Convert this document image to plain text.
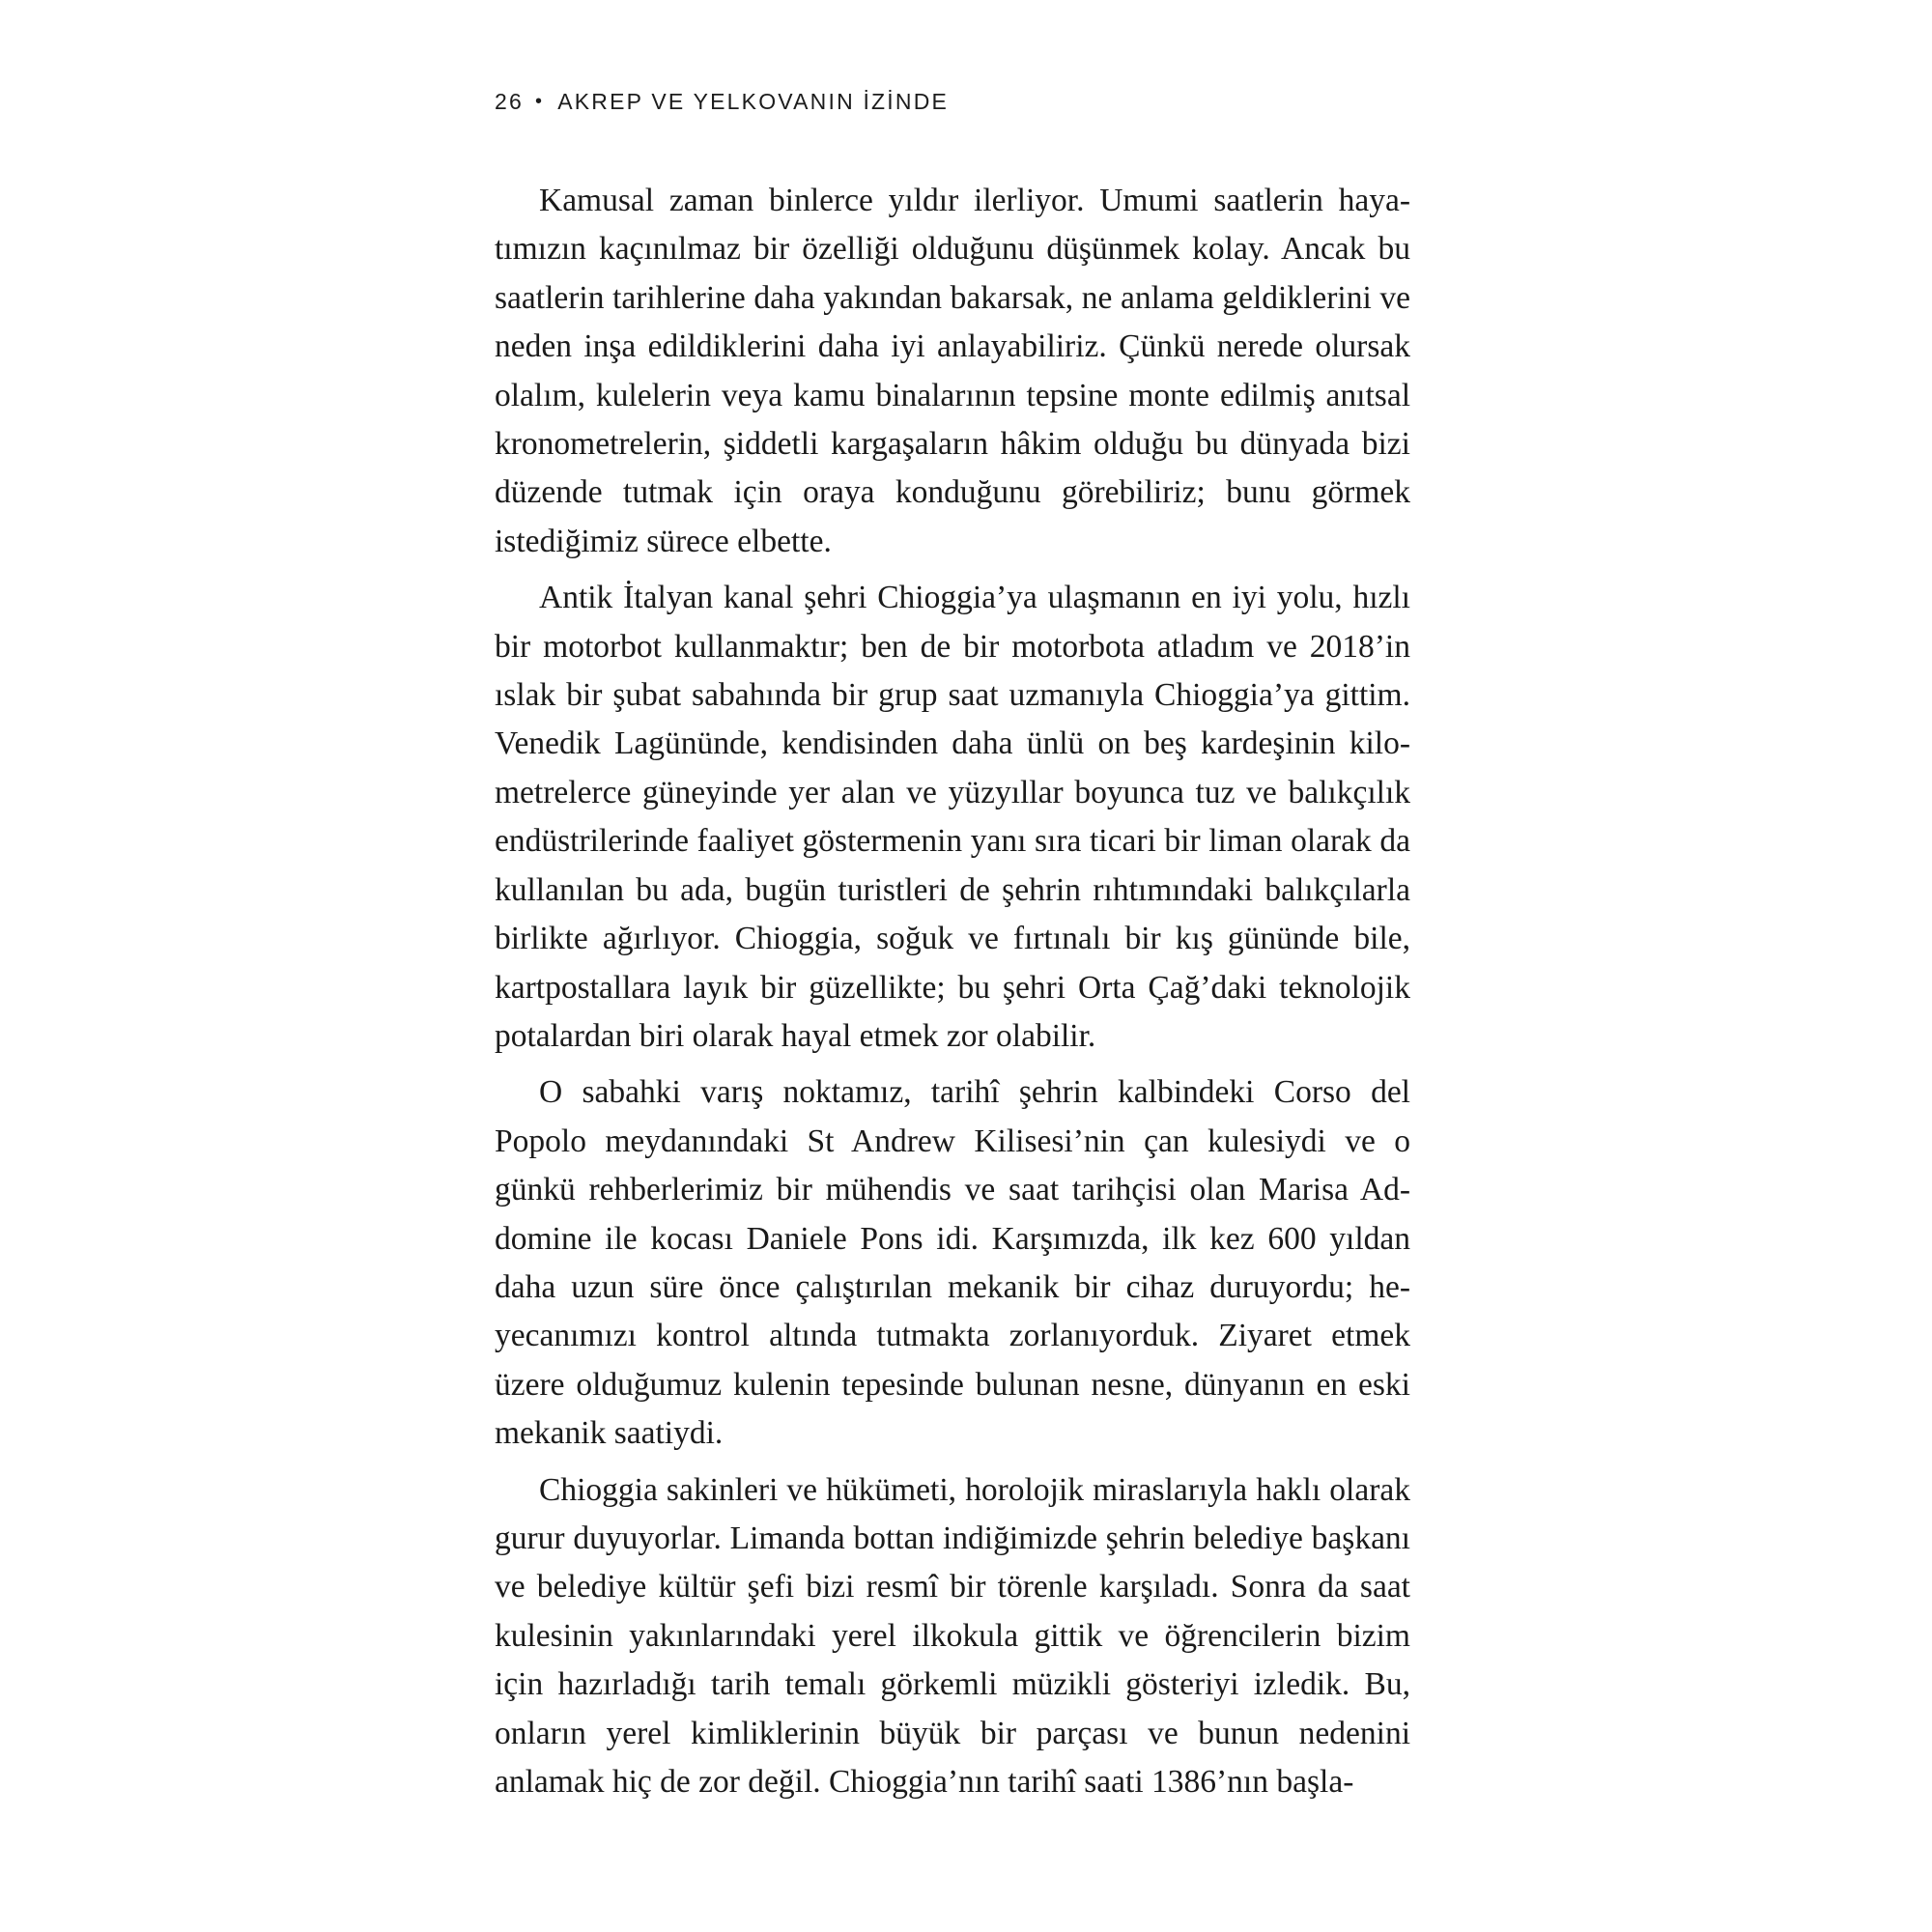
26 • AKREP VE YELKOVANIN İZİNDE

Kamusal zaman binlerce yıldır ilerliyor. Umumi saatlerin hayatımızın kaçınılmaz bir özelliği olduğunu düşünmek kolay. Ancak bu saatlerin tarihlerine daha yakından bakarsak, ne anlama geldiklerini ve neden inşa edildiklerini daha iyi anlayabiliriz. Çünkü nerede olursak olalım, kulelerin veya kamu binalarının tepsine monte edilmiş anıtsal kronometrelerin, şiddetli kargaşaların hâkim olduğu bu dünyada bizi düzende tutmak için oraya konduğunu görebiliriz; bunu görmek istediğimiz sürece elbette.

Antik İtalyan kanal şehri Chioggia’ya ulaşmanın en iyi yolu, hızlı bir motorbot kullanmaktır; ben de bir motorbota atladım ve 2018’in ıslak bir şubat sabahında bir grup saat uzmanıyla Chioggia’ya gittim. Venedik Lagününde, kendisinden daha ünlü on beş kardeşinin kilometrelerce güneyinde yer alan ve yüzyıllar boyunca tuz ve balıkçılık endüstrilerinde faaliyet göstermenin yanı sıra ticari bir liman olarak da kullanılan bu ada, bugün turistleri de şehrin rıhtımındaki balıkçılarla birlikte ağırlıyor. Chioggia, soğuk ve fırtınalı bir kış gününde bile, kartpostallara layık bir güzellikte; bu şehri Orta Çağ’daki teknolojik potalardan biri olarak hayal etmek zor olabilir.

O sabahki varış noktamız, tarihî şehrin kalbindeki Corso del Popolo meydanındaki St Andrew Kilisesi’nin çan kulesiydi ve o günkü rehberlerimiz bir mühendis ve saat tarihçisi olan Marisa Addomine ile kocası Daniele Pons idi. Karşımızda, ilk kez 600 yıldan daha uzun süre önce çalıştırılan mekanik bir cihaz duruyordu; heyecanımızı kontrol altında tutmakta zorlanıyorduk. Ziyaret etmek üzere olduğumuz kulenin tepesinde bulunan nesne, dünyanın en eski mekanik saatiydi.

Chioggia sakinleri ve hükümeti, horolojik miraslarıyla haklı olarak gurur duyuyorlar. Limanda bottan indiğimizde şehrin belediye başkanı ve belediye kültür şefi bizi resmî bir törenle karşıladı. Sonra da saat kulesinin yakınlarındaki yerel ilkokula gittik ve öğrencilerin bizim için hazırladığı tarih temalı görkemli müzikli gösteriyi izledik. Bu, onların yerel kimliklerinin büyük bir parçası ve bunun nedenini anlamak hiç de zor değil. Chioggia’nın tarihî saati 1386’nın başla-
